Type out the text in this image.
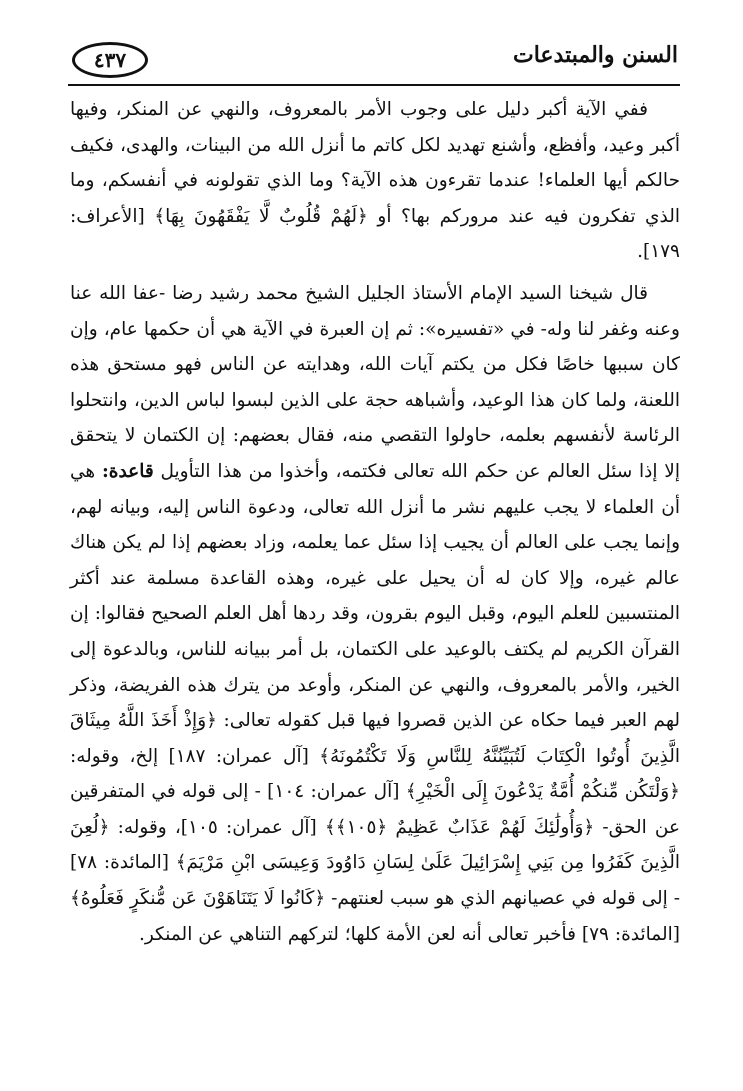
السنن والمبتدعات
٤٣٧

ففي الآية أكبر دليل على وجوب الأمر بالمعروف، والنهي عن المنكر، وفيها أكبر وعيد، وأفظع، وأشنع تهديد لكل كاتم ما أنزل الله من البينات، والهدى، فكيف حالكم أيها العلماء! عندما تقرءون هذه الآية؟ وما الذي تقولونه في أنفسكم، وما الذي تفكرون فيه عند مروركم بها؟ أو ﴿لَهُمْ قُلُوبٌ لَّا يَفْقَهُونَ بِهَا﴾ [الأعراف: ١٧٩].

قال شيخنا السيد الإمام الأستاذ الجليل الشيخ محمد رشيد رضا -عفا الله عنا وعنه وغفر لنا وله- في «تفسيره»: ثم إن العبرة في الآية هي أن حكمها عام، وإن كان سببها خاصًا فكل من يكتم آيات الله، وهدايته عن الناس فهو مستحق هذه اللعنة، ولما كان هذا الوعيد، وأشباهه حجة على الذين لبسوا لباس الدين، وانتحلوا الرئاسة لأنفسهم بعلمه، حاولوا التقصي منه، فقال بعضهم: إن الكتمان لا يتحقق إلا إذا سئل العالم عن حكم الله تعالى فكتمه، وأخذوا من هذا التأويل قاعدة: هي أن العلماء لا يجب عليهم نشر ما أنزل الله تعالى، ودعوة الناس إليه، وبيانه لهم، وإنما يجب على العالم أن يجيب إذا سئل عما يعلمه، وزاد بعضهم إذا لم يكن هناك عالم غيره، وإلا كان له أن يحيل على غيره، وهذه القاعدة مسلمة عند أكثر المنتسبين للعلم اليوم، وقبل اليوم بقرون، وقد ردها أهل العلم الصحيح فقالوا: إن القرآن الكريم لم يكتف بالوعيد على الكتمان، بل أمر ببيانه للناس، وبالدعوة إلى الخير، والأمر بالمعروف، والنهي عن المنكر، وأوعد من يترك هذه الفريضة، وذكر لهم العبر فيما حكاه عن الذين قصروا فيها قبل كقوله تعالى: ﴿وَإِذْ أَخَذَ اللَّهُ مِيثَاقَ الَّذِينَ أُوتُوا الْكِتَابَ لَتُبَيِّنُنَّهُ لِلنَّاسِ وَلَا تَكْتُمُونَهُ﴾ [آل عمران: ١٨٧] إلخ، وقوله: ﴿وَلْتَكُن مِّنكُمْ أُمَّةٌ يَدْعُونَ إِلَى الْخَيْرِ﴾ [آل عمران: ١٠٤] - إلى قوله في المتفرقين عن الحق- ﴿وَأُولَٰئِكَ لَهُمْ عَذَابٌ عَظِيمٌ ﴿١٠٥﴾﴾ [آل عمران: ١٠٥]، وقوله: ﴿لُعِنَ الَّذِينَ كَفَرُوا مِن بَنِي إِسْرَائِيلَ عَلَىٰ لِسَانِ دَاوُودَ وَعِيسَى ابْنِ مَرْيَمَ﴾ [المائدة: ٧٨] - إلى قوله في عصيانهم الذي هو سبب لعنتهم- ﴿كَانُوا لَا يَتَنَاهَوْنَ عَن مُّنكَرٍ فَعَلُوهُ﴾ [المائدة: ٧٩] فأخبر تعالى أنه لعن الأمة كلها؛ لتركهم التناهي عن المنكر.
